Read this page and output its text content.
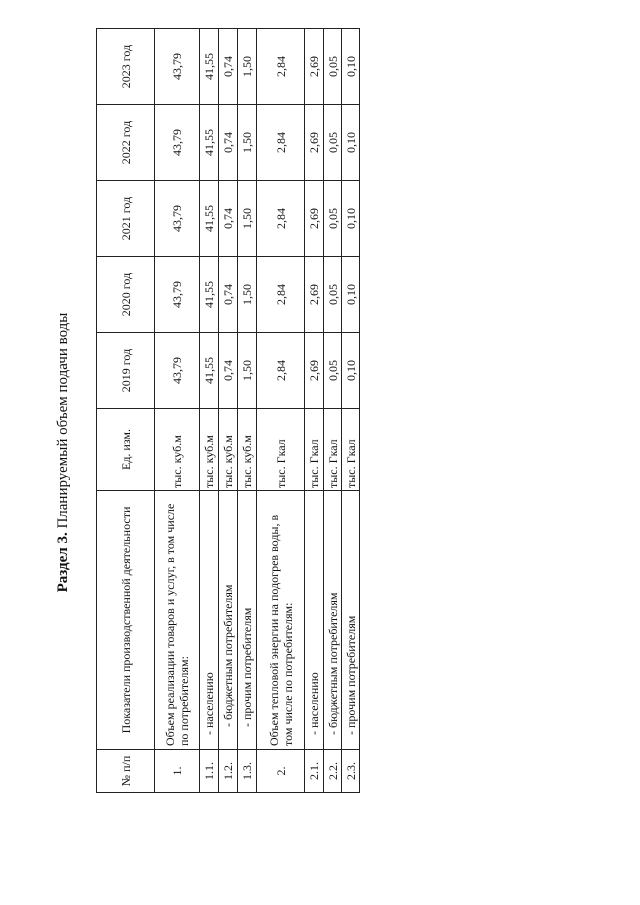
Раздел 3. Планируемый объем подачи воды
№ п/п	Показатели производственной деятельности	Ед. изм.	2019 год	2020 год	2021 год	2022 год	2023 год
1.	Объем реализации товаров и услуг, в том числе по потребителям:	тыс. куб.м	43,79	43,79	43,79	43,79	43,79
1.1.	- населению	тыс. куб.м	41,55	41,55	41,55	41,55	41,55
1.2.	- бюджетным потребителям	тыс. куб.м	0,74	0,74	0,74	0,74	0,74
1.3.	- прочим потребителям	тыс. куб.м	1,50	1,50	1,50	1,50	1,50
2.	Объем тепловой энергии на подогрев воды, в том числе по потребителям:	тыс. Гкал	2,84	2,84	2,84	2,84	2,84
2.1.	- населению	тыс. Гкал	2,69	2,69	2,69	2,69	2,69
2.2.	- бюджетным потребителям	тыс. Гкал	0,05	0,05	0,05	0,05	0,05
2.3.	- прочим потребителям	тыс. Гкал	0,10	0,10	0,10	0,10	0,10
